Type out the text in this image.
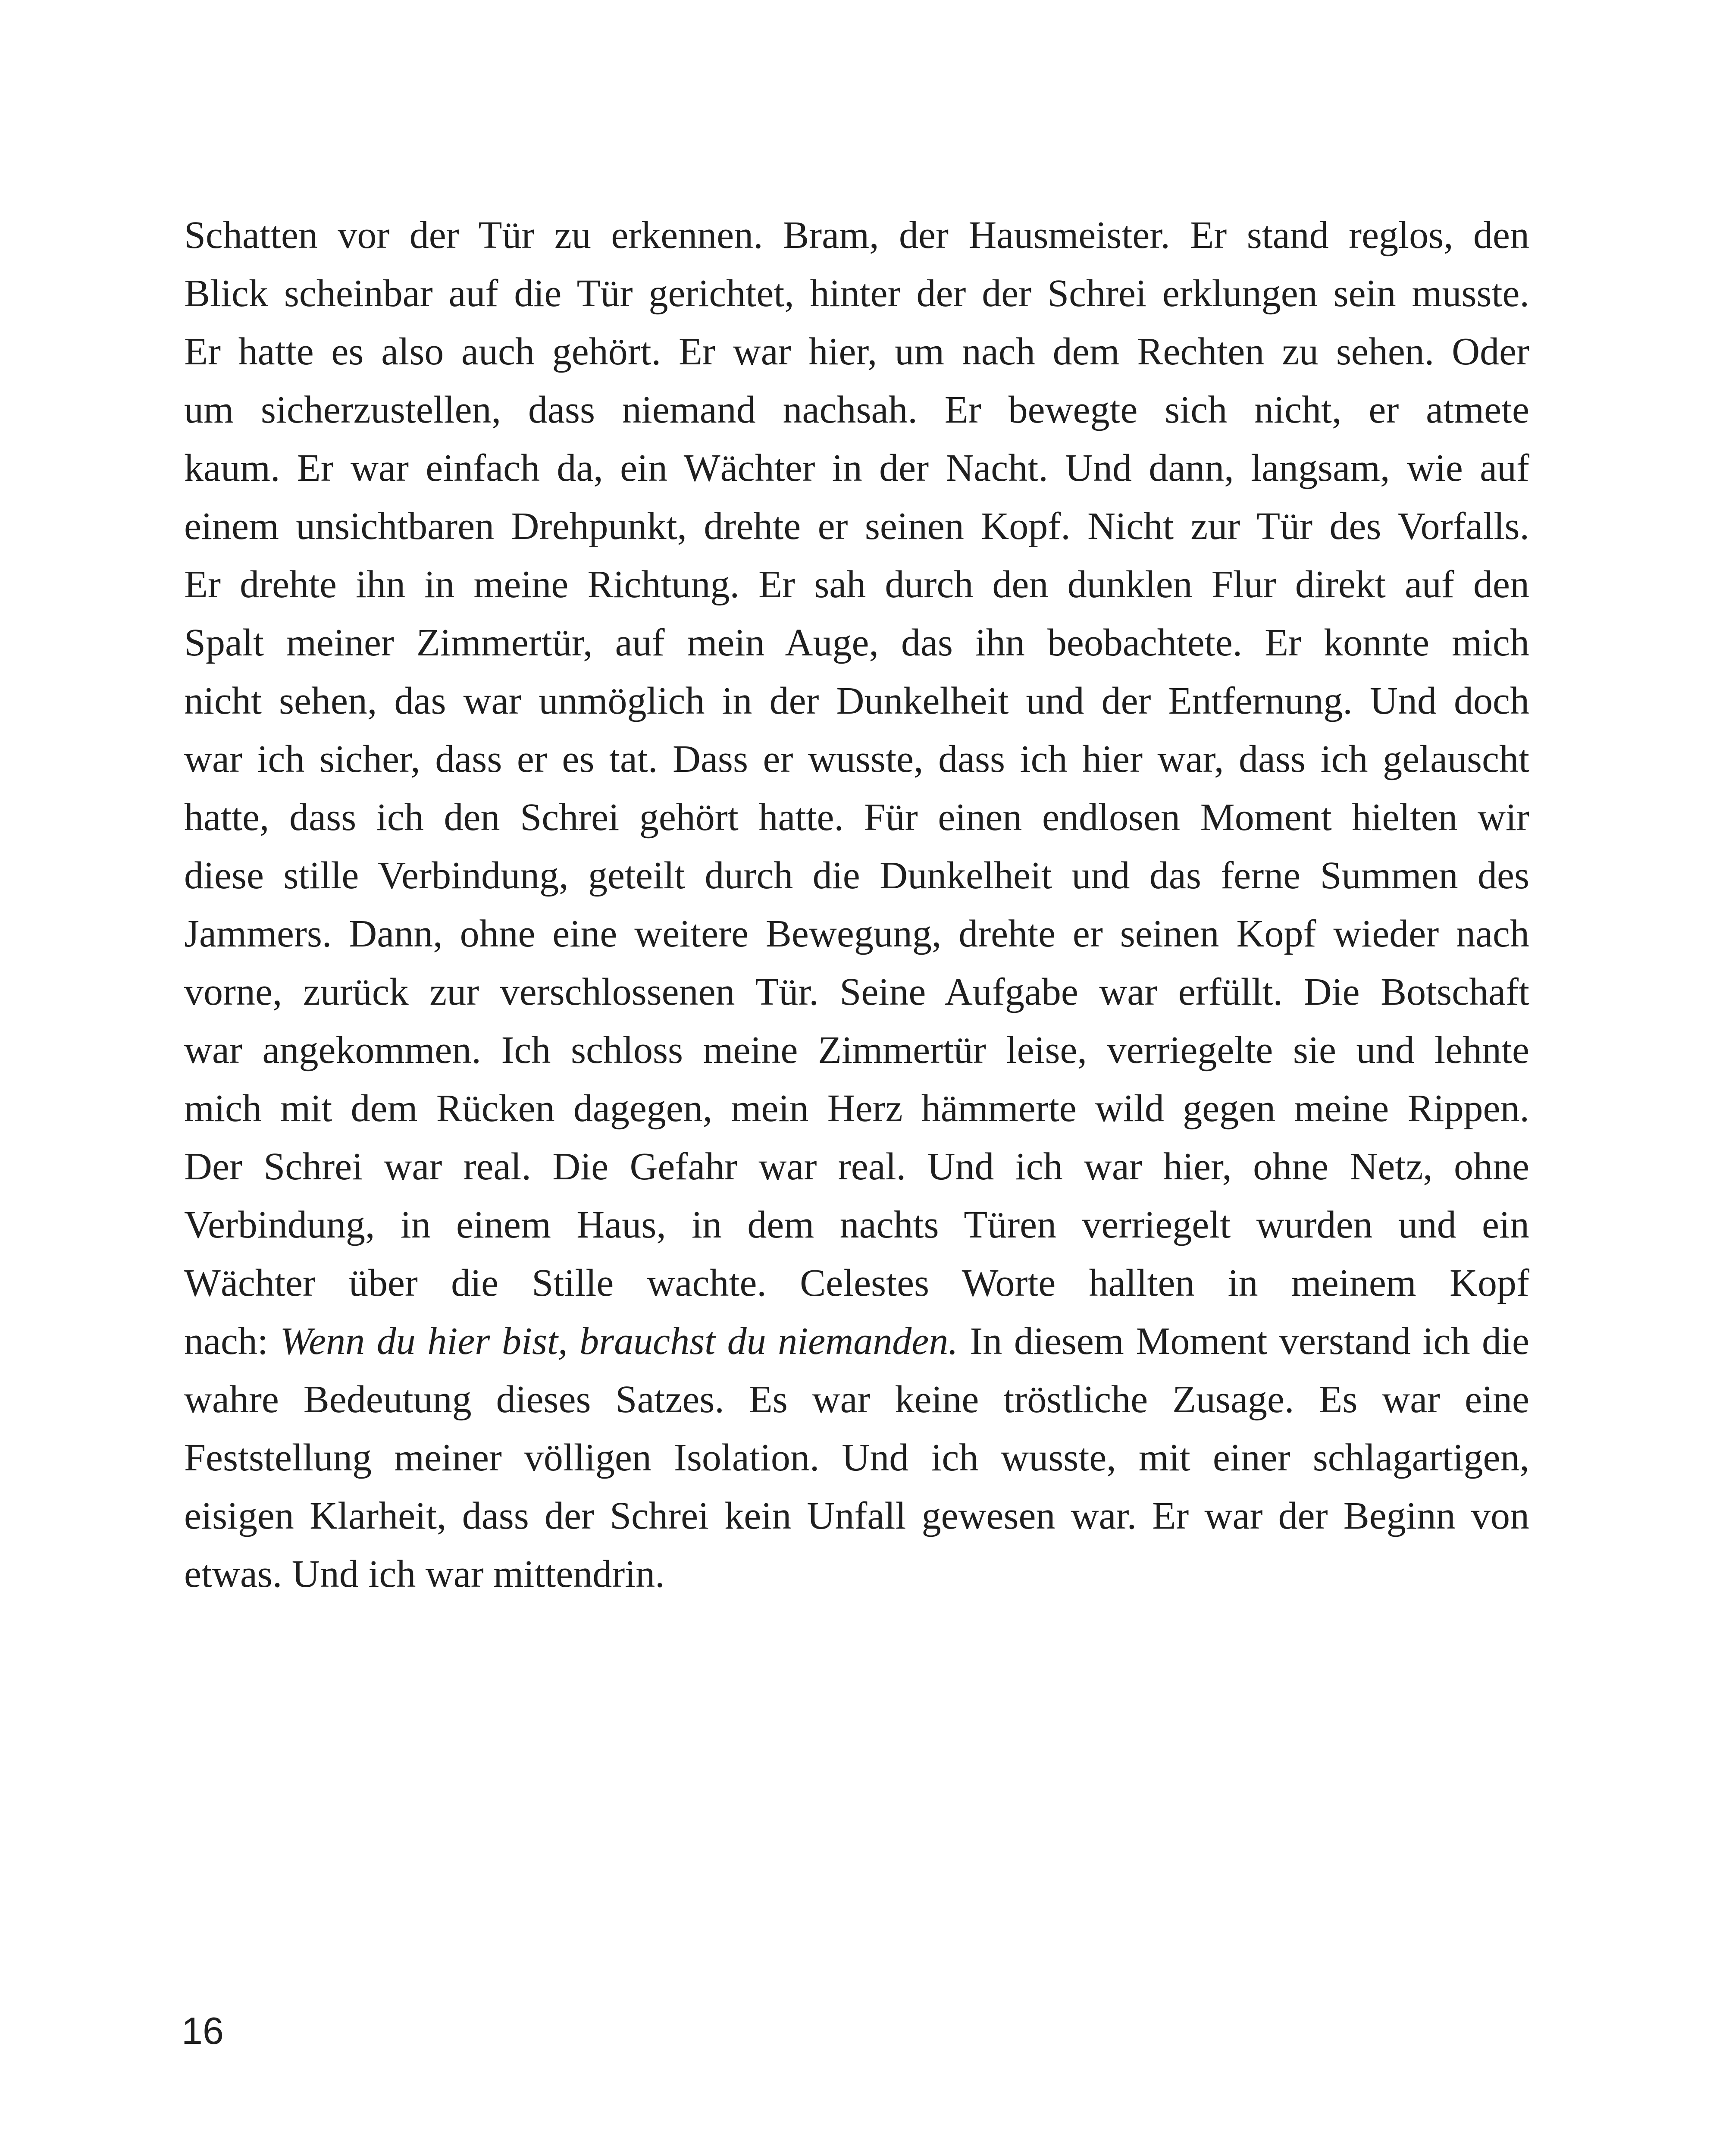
Schatten vor der Tür zu erkennen. Bram, der Hausmeister. Er stand reglos, den
Blick scheinbar auf die Tür gerichtet, hinter der der Schrei erklungen sein musste.
Er hatte es also auch gehört. Er war hier, um nach dem Rechten zu sehen. Oder
um sicherzustellen, dass niemand nachsah. Er bewegte sich nicht, er atmete
kaum. Er war einfach da, ein Wächter in der Nacht. Und dann, langsam, wie auf
einem unsichtbaren Drehpunkt, drehte er seinen Kopf. Nicht zur Tür des Vorfalls.
Er drehte ihn in meine Richtung. Er sah durch den dunklen Flur direkt auf den
Spalt meiner Zimmertür, auf mein Auge, das ihn beobachtete. Er konnte mich
nicht sehen, das war unmöglich in der Dunkelheit und der Entfernung. Und doch
war ich sicher, dass er es tat. Dass er wusste, dass ich hier war, dass ich gelauscht
hatte, dass ich den Schrei gehört hatte. Für einen endlosen Moment hielten wir
diese stille Verbindung, geteilt durch die Dunkelheit und das ferne Summen des
Jammers. Dann, ohne eine weitere Bewegung, drehte er seinen Kopf wieder nach
vorne, zurück zur verschlossenen Tür. Seine Aufgabe war erfüllt. Die Botschaft
war angekommen. Ich schloss meine Zimmertür leise, verriegelte sie und lehnte
mich mit dem Rücken dagegen, mein Herz hämmerte wild gegen meine Rippen.
Der Schrei war real. Die Gefahr war real. Und ich war hier, ohne Netz, ohne
Verbindung, in einem Haus, in dem nachts Türen verriegelt wurden und ein
Wächter über die Stille wachte. Celestes Worte hallten in meinem Kopf
nach: Wenn du hier bist, brauchst du niemanden. In diesem Moment verstand ich die
wahre Bedeutung dieses Satzes. Es war keine tröstliche Zusage. Es war eine
Feststellung meiner völligen Isolation. Und ich wusste, mit einer schlagartigen,
eisigen Klarheit, dass der Schrei kein Unfall gewesen war. Er war der Beginn von
etwas. Und ich war mittendrin.
16
